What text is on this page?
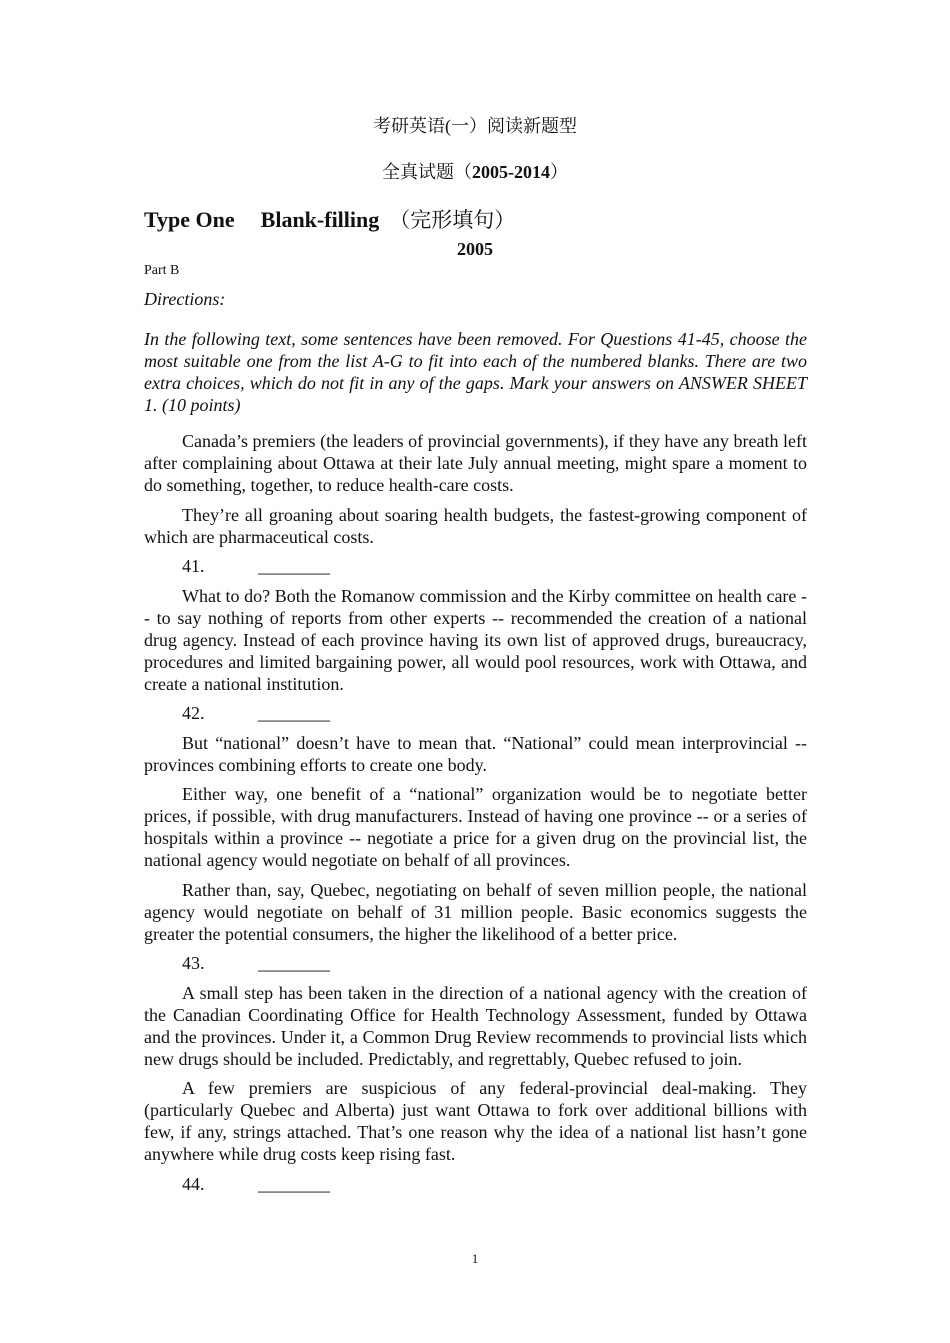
考研英语(一）阅读新题型
全真试题（2005-2014）
Type One Blank-filling （完形填句）
2005
Part B
Directions:
In the following text, some sentences have been removed. For Questions 41-45, choose the most suitable one from the list A-G to fit into each of the numbered blanks. There are two extra choices, which do not fit in any of the gaps. Mark your answers on ANSWER SHEET 1. (10 points)

Canada’s premiers (the leaders of provincial governments), if they have any breath left after complaining about Ottawa at their late July annual meeting, might spare a moment to do something, together, to reduce health-care costs.

They’re all groaning about soaring health budgets, the fastest-growing component of which are pharmaceutical costs.

41.	________

What to do? Both the Romanow commission and the Kirby committee on health care -- to say nothing of reports from other experts -- recommended the creation of a national drug agency. Instead of each province having its own list of approved drugs, bureaucracy, procedures and limited bargaining power, all would pool resources, work with Ottawa, and create a national institution.

42.	________

But “national” doesn’t have to mean that. “National” could mean interprovincial -- provinces combining efforts to create one body.

Either way, one benefit of a “national” organization would be to negotiate better prices, if possible, with drug manufacturers. Instead of having one province -- or a series of hospitals within a province -- negotiate a price for a given drug on the provincial list, the national agency would negotiate on behalf of all provinces.

Rather than, say, Quebec, negotiating on behalf of seven million people, the national agency would negotiate on behalf of 31 million people. Basic economics suggests the greater the potential consumers, the higher the likelihood of a better price.

43.	________

A small step has been taken in the direction of a national agency with the creation of the Canadian Coordinating Office for Health Technology Assessment, funded by Ottawa and the provinces. Under it, a Common Drug Review recommends to provincial lists which new drugs should be included. Predictably, and regrettably, Quebec refused to join.

A few premiers are suspicious of any federal-provincial deal-making. They (particularly Quebec and Alberta) just want Ottawa to fork over additional billions with few, if any, strings attached. That’s one reason why the idea of a national list hasn’t gone anywhere while drug costs keep rising fast.

44.	________
1
